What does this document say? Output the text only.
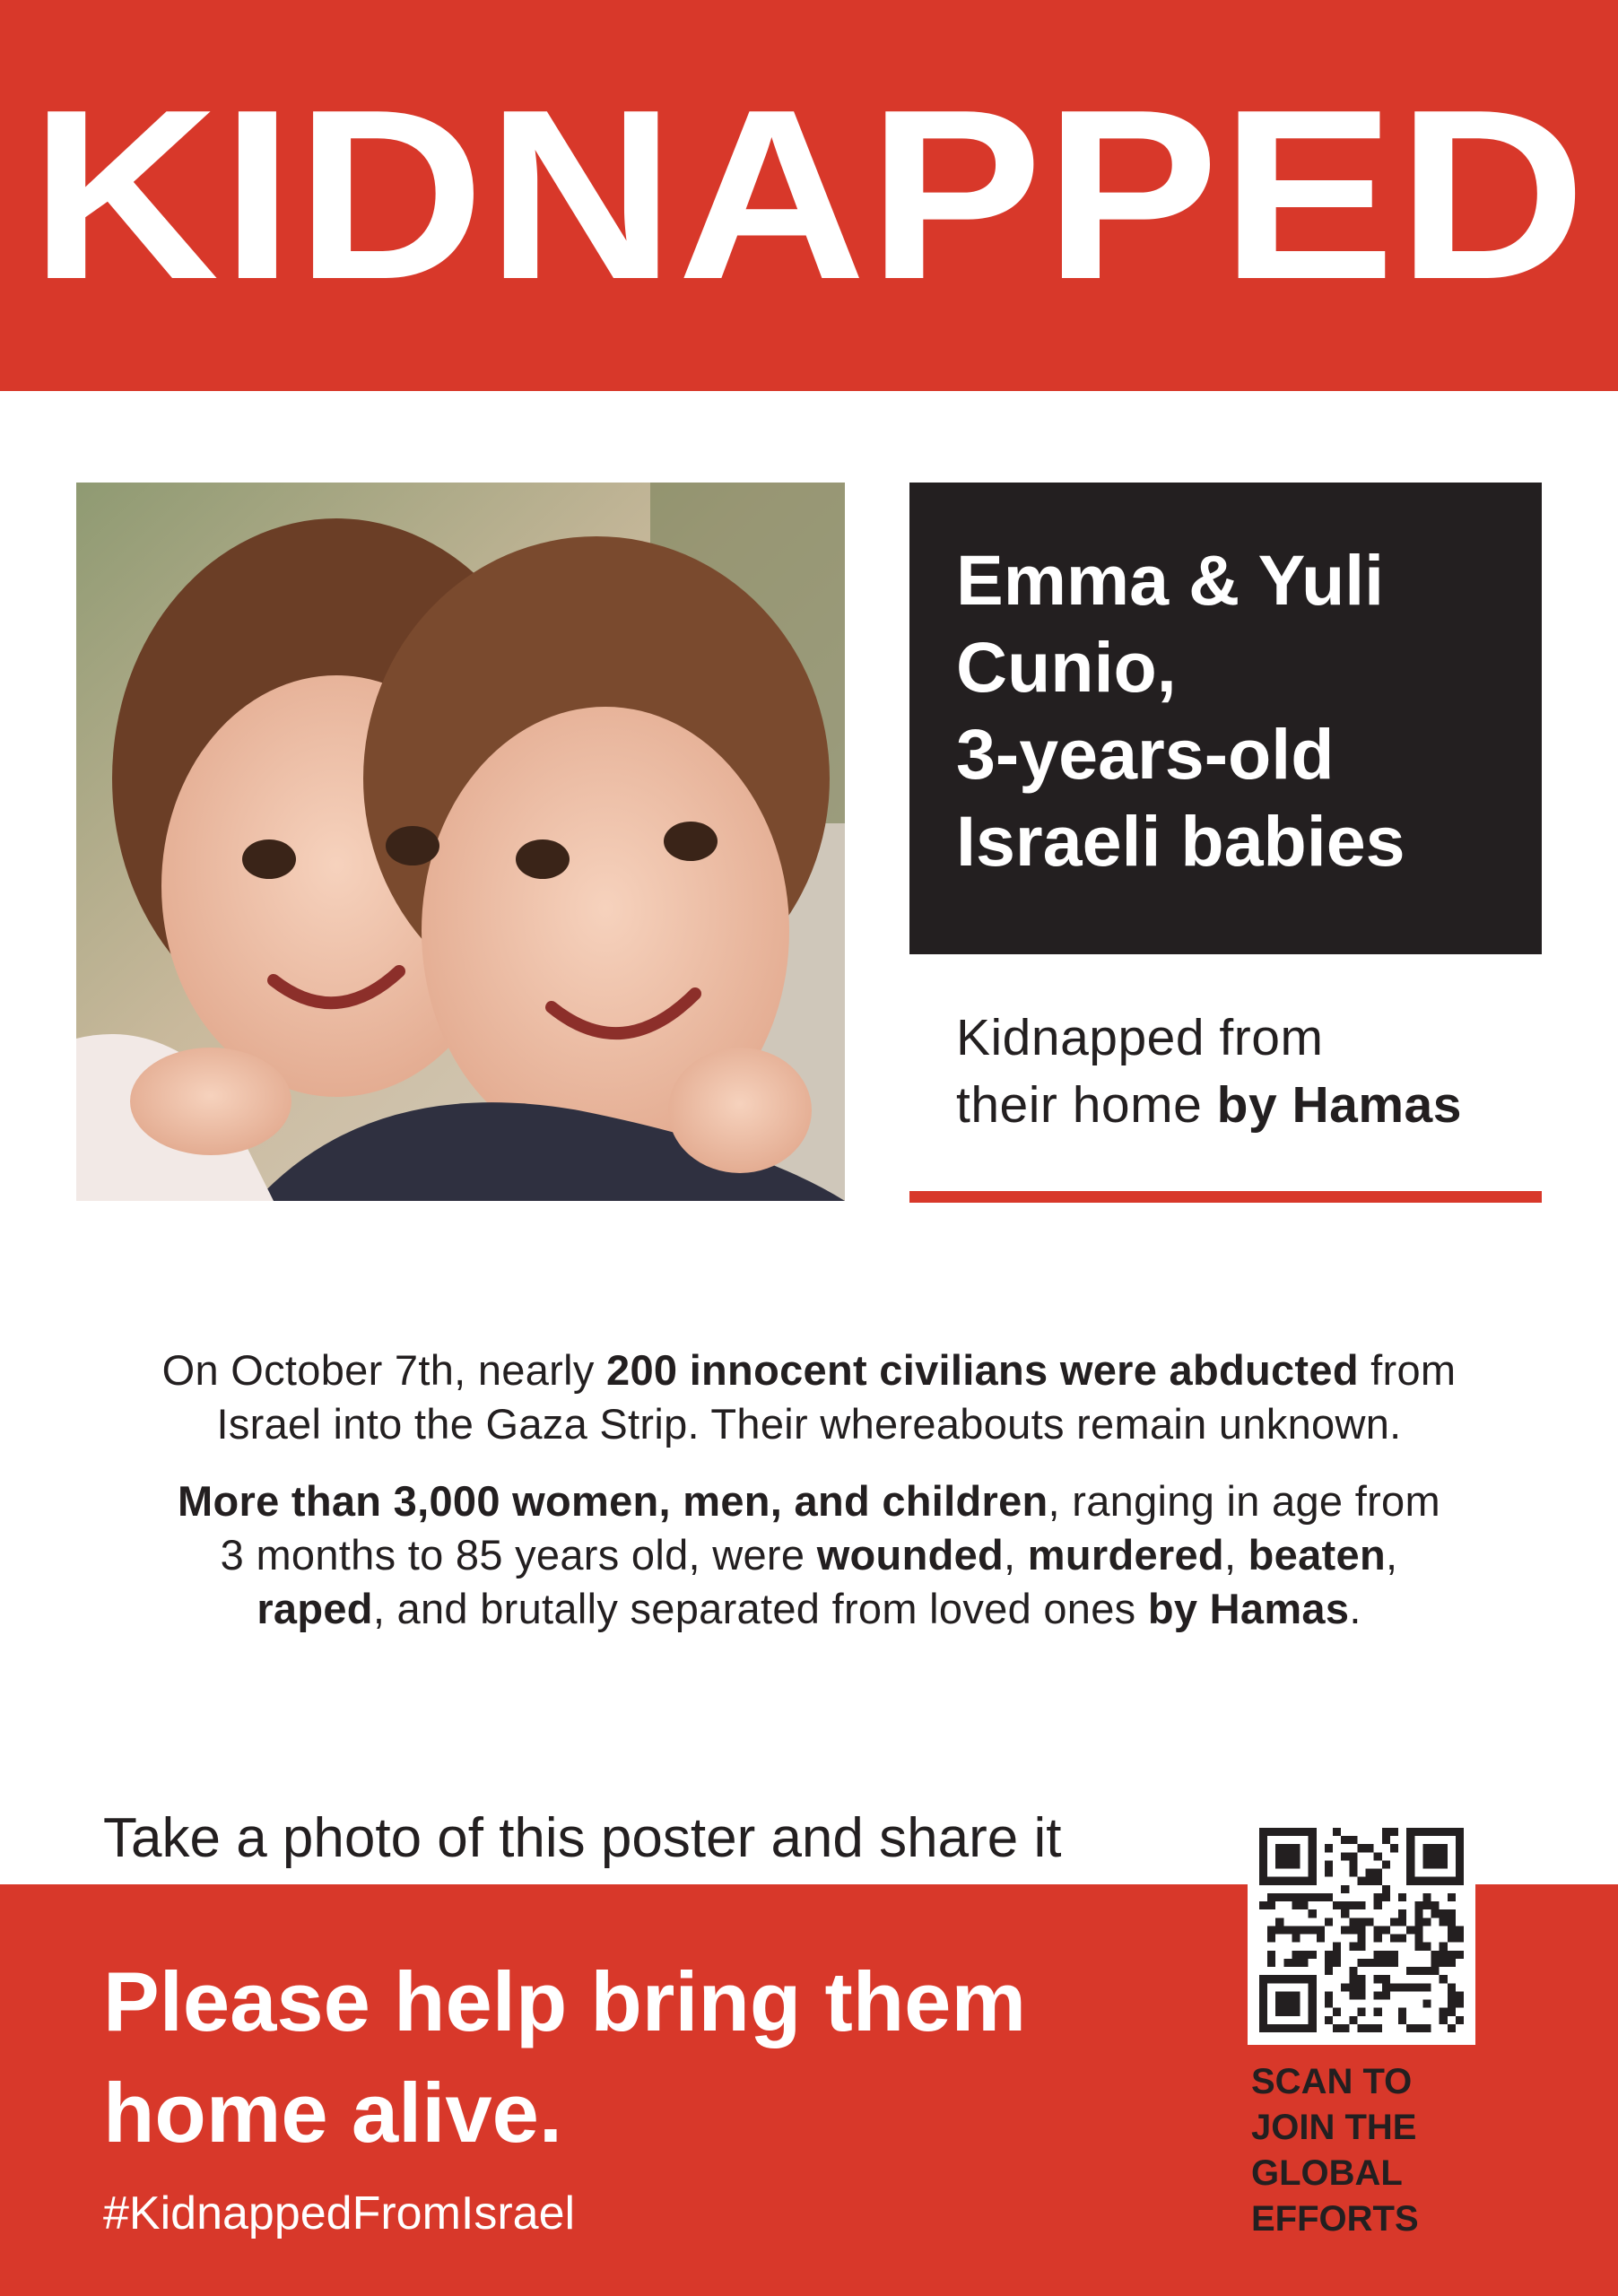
KIDNAPPED
Emma & Yuli
Cunio,
3-years-old
Israeli babies
Kidnapped from
their home by Hamas
On October 7th, nearly 200 innocent civilians were abducted from
Israel into the Gaza Strip. Their whereabouts remain unknown.
More than 3,000 women, men, and children, ranging in age from
3 months to 85 years old, were wounded, murdered, beaten,
raped, and brutally separated from loved ones by Hamas.
Take a photo of this poster and share it
Please help bring them
home alive.
#KidnappedFromIsrael
SCAN TO
JOIN THE
GLOBAL
EFFORTS
